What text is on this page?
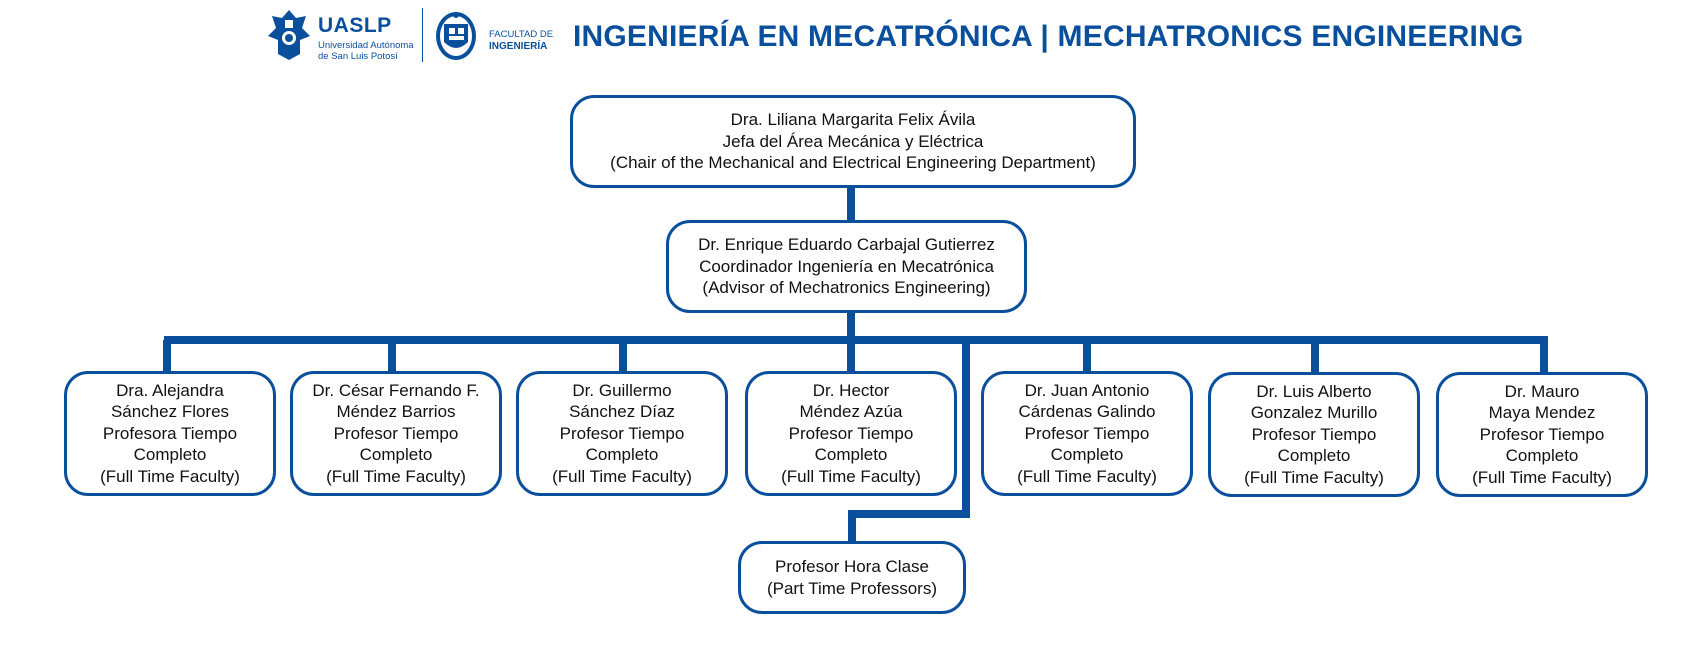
UASLP
Universidad Autónoma
de San Luis Potosí
FACULTAD DE
INGENIERÍA INGENIERÍA EN MECATRÓNICA | MECHATRONICS ENGINEERING
Dra. Liliana Margarita Felix Ávila
Jefa del Área Mecánica y Eléctrica
(Chair of the Mechanical and Electrical Engineering Department)
Dr. Enrique Eduardo Carbajal Gutierrez
Coordinador Ingeniería en Mecatrónica
(Advisor of Mechatronics Engineering)
Dra. Alejandra
Sánchez Flores
Profesora Tiempo
Completo
(Full Time Faculty)
Dr. César Fernando F.
Méndez Barrios
Profesor Tiempo
Completo
(Full Time Faculty)
Dr. Guillermo
Sánchez Díaz
Profesor Tiempo
Completo
(Full Time Faculty)
Dr. Hector
Méndez Azúa
Profesor Tiempo
Completo
(Full Time Faculty)
Dr. Juan Antonio
Cárdenas Galindo
Profesor Tiempo
Completo
(Full Time Faculty)
Dr. Luis Alberto
Gonzalez Murillo
Profesor Tiempo
Completo
(Full Time Faculty)
Dr. Mauro
Maya Mendez
Profesor Tiempo
Completo
(Full Time Faculty)
Profesor Hora Clase
(Part Time Professors)
